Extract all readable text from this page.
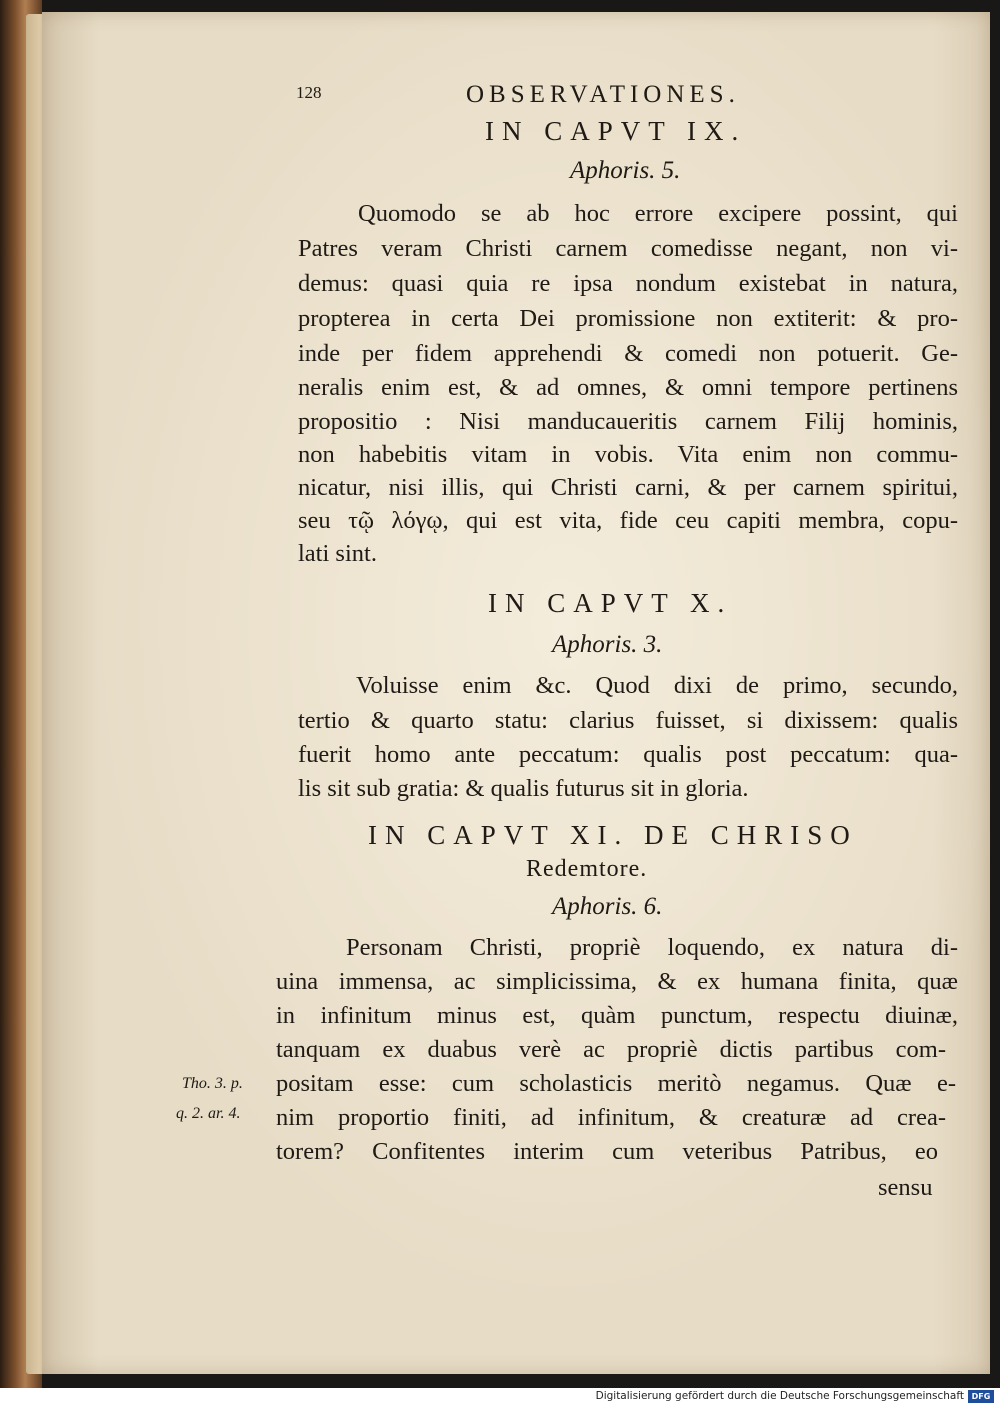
128	OBSERVATIONES.
IN CAPVT IX.
Aphoris. 5.
Quomodo se ab hoc errore excipere possint, qui
Patres veram Christi carnem comedisse negant, non vi-
demus: quasi quia re ipsa nondum existebat in natura,
propterea in certa Dei promissione non extiterit: & pro-
inde per fidem apprehendi & comedi non potuerit. Ge-
neralis enim est, & ad omnes, & omni tempore pertinens
propositio : Nisi manducaueritis carnem Filij hominis,
non habebitis vitam in vobis. Vita enim non commu-
nicatur, nisi illis, qui Christi carni, & per carnem spiritui,
seu τῷ λόγῳ, qui est vita, fide ceu capiti membra, copu-
lati sint.
IN CAPVT X.
Aphoris. 3.
Voluisse enim &c. Quod dixi de primo, secundo,
tertio & quarto statu: clarius fuisset, si dixissem: qualis
fuerit homo ante peccatum: qualis post peccatum: qua-
lis sit sub gratia: & qualis futurus sit in gloria.
IN CAPVT XI. DE CHRISO
Redemtore.
Aphoris. 6.
Personam Christi, propriè loquendo, ex natura di-
uina immensa, ac simplicissima, & ex humana finita, quæ
in infinitum minus est, quàm punctum, respectu diuinæ,
tanquam ex duabus verè ac propriè dictis partibus com-
positam esse: cum scholasticis meritò negamus. Quæ e-
nim proportio finiti, ad infinitum, & creaturæ ad crea-
torem? Confitentes interim cum veteribus Patribus, eo
sensu
Tho. 3. p.
q. 2. ar. 4.
Digitalisierung gefördert durch die Deutsche Forschungsgemeinschaft DFG
